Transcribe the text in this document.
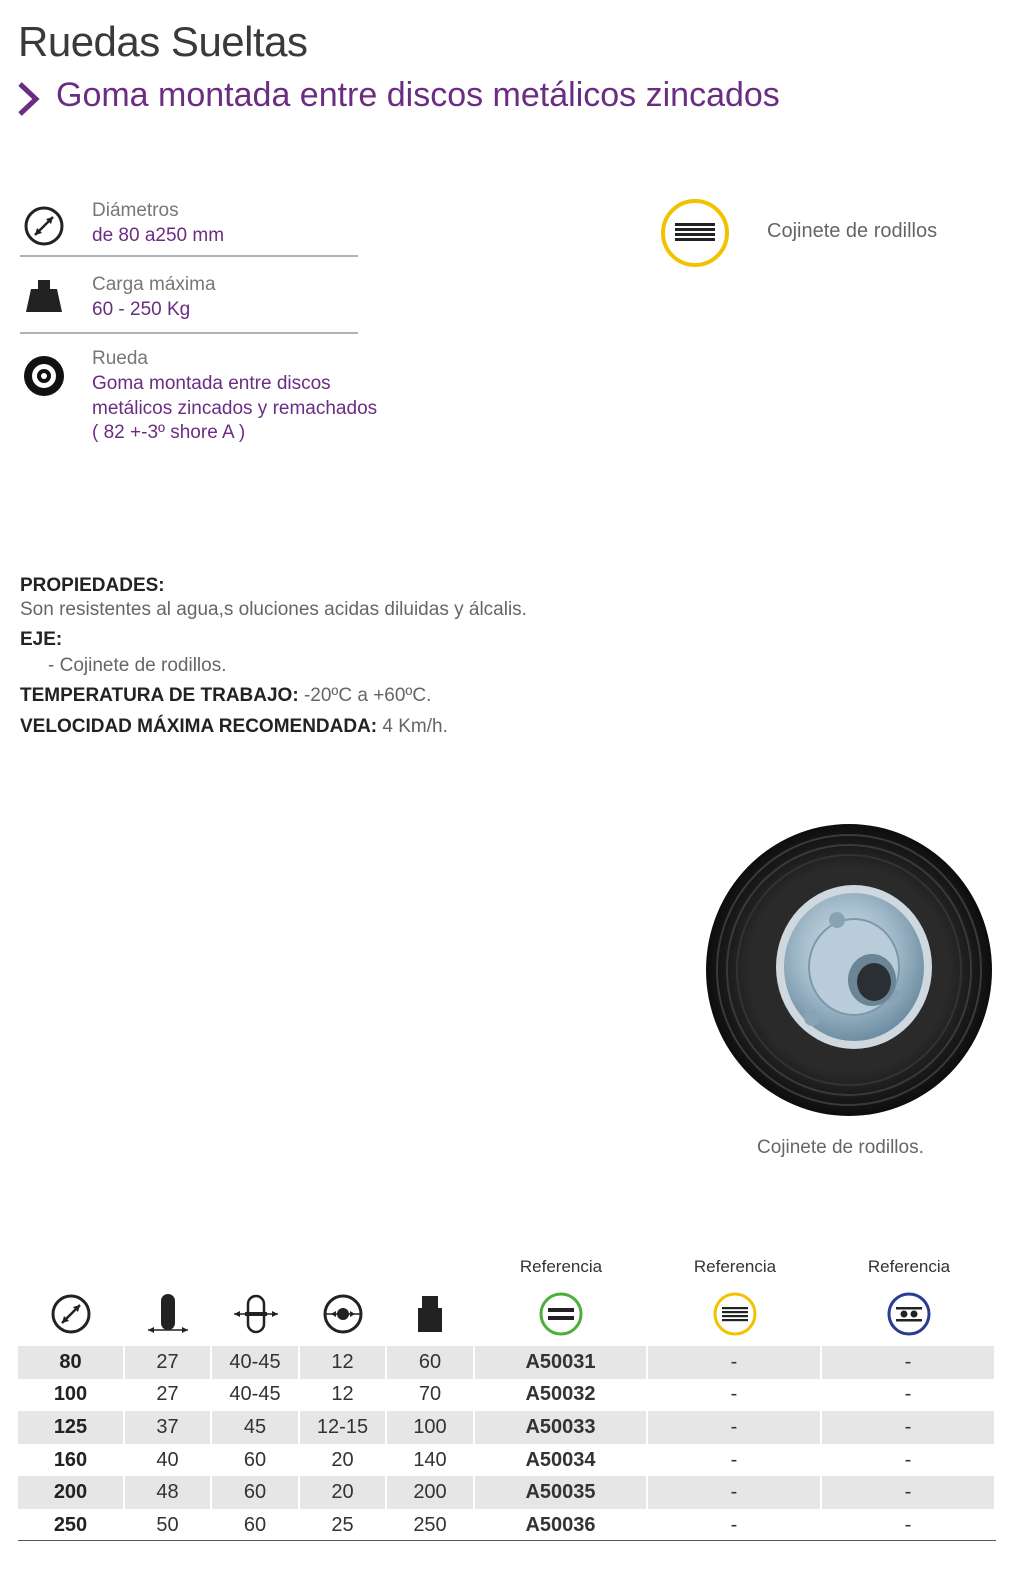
Ruedas Sueltas
Goma montada entre discos metálicos zincados
Diámetros
de 80 a250 mm
Carga máxima
60 - 250 Kg
Rueda
Goma montada entre discos
metálicos zincados y remachados
( 82 +-3º shore A )
Cojinete de rodillos
PROPIEDADES:
Son resistentes al agua,s oluciones acidas diluidas y álcalis.
EJE:
- Cojinete de rodillos.
TEMPERATURA DE TRABAJO: -20ºC a +60ºC.
VELOCIDAD MÁXIMA RECOMENDADA: 4 Km/h.
Cojinete de rodillos.
Referencia	Referencia	Referencia
80	27	40-45	12	60	A50031	-	-
100	27	40-45	12	70	A50032	-	-
125	37	45	12-15	100	A50033	-	-
160	40	60	20	140	A50034	-	-
200	48	60	20	200	A50035	-	-
250	50	60	25	250	A50036	-	-
